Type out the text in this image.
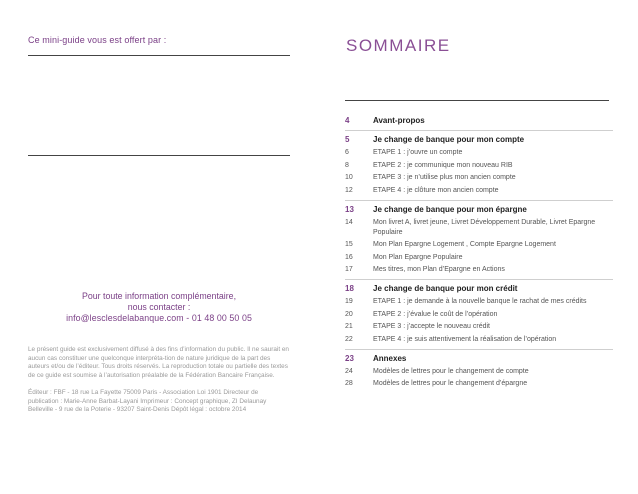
Ce mini-guide vous est offert par :
Pour toute information complémentaire,
nous contacter :
info@lesclesdelabanque.com - 01 48 00 50 05

Le présent guide est exclusivement diffusé à des fins d’information du public. Il ne saurait en aucun cas constituer une quelconque interpréta-tion de nature juridique de la part des auteurs et/ou de l’éditeur. Tous droits réservés. La reproduction totale ou partielle des textes de ce guide est soumise à l’autorisation préalable de la Fédération Bancaire Française.

Éditeur : FBF - 18 rue La Fayette 75009 Paris - Association Loi 1901 Directeur de publication : Marie-Anne Barbat-Layani Imprimeur : Concept graphique, ZI Delaunay Belleville - 9 rue de la Poterie - 93207 Saint-Denis Dépôt légal : octobre 2014

SOMMAIRE
4	Avant-propos
5	Je change de banque pour mon compte
6	ETAPE 1 : j’ouvre un compte
8	ETAPE 2 : je communique mon nouveau RIB
10	ETAPE 3 : je n’utilise plus mon ancien compte
12	ETAPE 4 : je clôture mon ancien compte
13	Je change de banque pour mon épargne
14	Mon livret A, livret jeune, Livret Développement Durable, Livret Epargne Populaire
15	Mon Plan Epargne Logement , Compte Epargne Logement
16	Mon Plan Epargne Populaire
17	Mes titres, mon Plan d’Epargne en Actions
18	Je change de banque pour mon crédit
19	ETAPE 1 : je demande à la nouvelle banque le rachat de mes crédits
20	ETAPE 2 : j’évalue le coût de l’opération
21	ETAPE 3 : j’accepte le nouveau crédit
22	ETAPE 4 : je suis attentivement la réalisation de l’opération
23	Annexes
24	Modèles de lettres pour le changement de compte
28	Modèles de lettres pour le changement d’épargne
